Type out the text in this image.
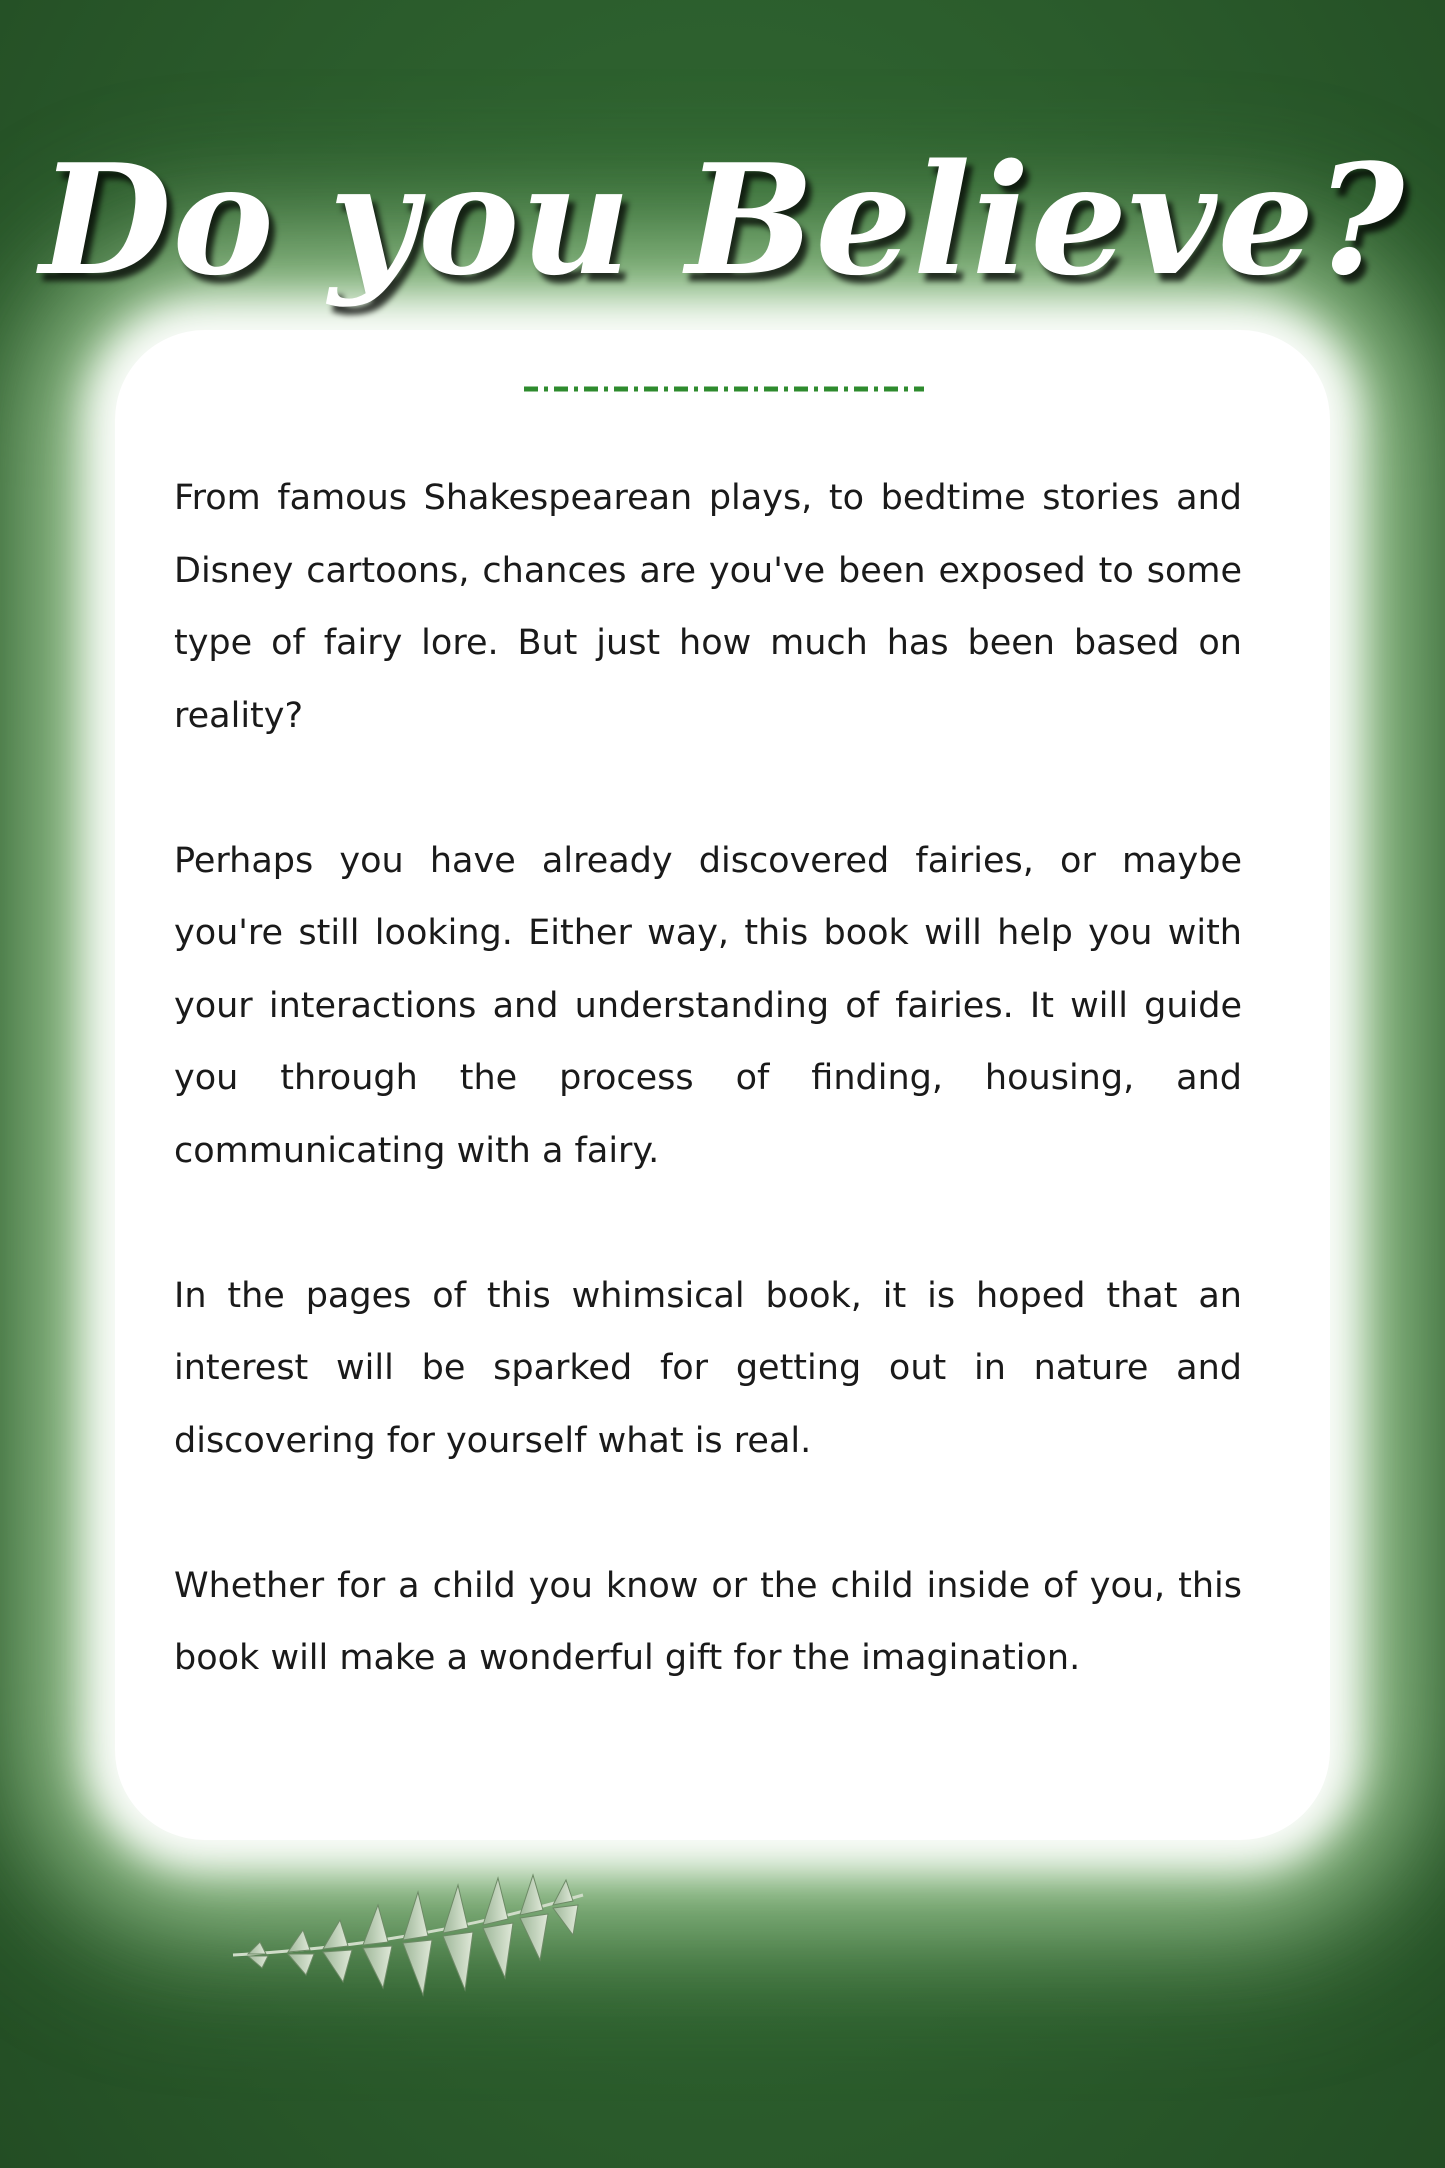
Do you Believe?

From famous Shakespearean plays, to bedtime stories and Disney cartoons, chances are you've been exposed to some type of fairy lore. But just how much has been based on reality?

Perhaps you have already discovered fairies, or maybe you're still looking. Either way, this book will help you with your interactions and understanding of fairies. It will guide you through the process of finding, housing, and communicating with a fairy.

In the pages of this whimsical book, it is hoped that an interest will be sparked for getting out in nature and discovering for yourself what is real.

Whether for a child you know or the child inside of you, this book will make a wonderful gift for the imagination.
